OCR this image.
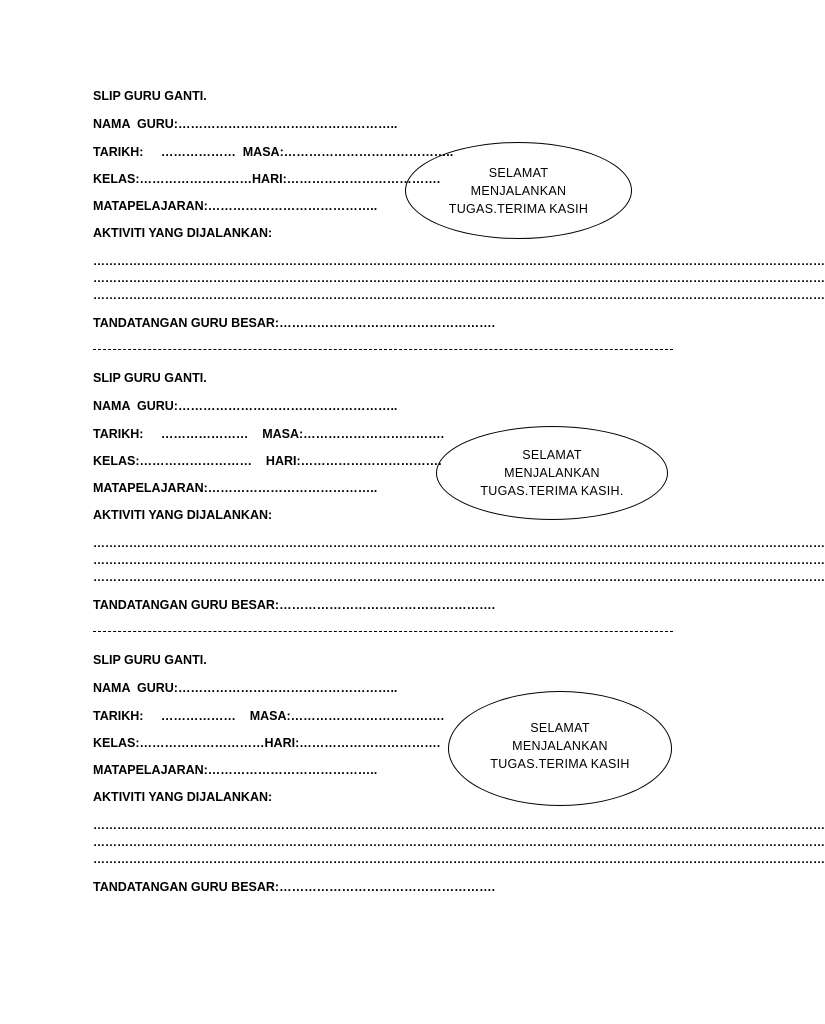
SLIP GURU GANTI.
NAMA  GURU:……………………………………………..
TARIKH:     ………………  MASA:…………………………………..
KELAS:………………………HARI:……………………………….
MATAPELAJARAN:…………………………………..
AKTIVITI YANG DIJALANKAN:
…………………………………………………………………………………………………………………………………………………………………
…………………………………………………………………………………………………………………………………………………………………
…………………………………………………………………………………………………………………………………………………………………
TANDATANGAN GURU BESAR:…………………………………………….
SELAMAT
MENJALANKAN
TUGAS.TERIMA KASIH
SLIP GURU GANTI.
NAMA  GURU:……………………………………………..
TARIKH:     …………………    MASA:…………………………….
KELAS:………………………    HARI:…………………………….
MATAPELAJARAN:…………………………………..
AKTIVITI YANG DIJALANKAN:
…………………………………………………………………………………………………………………………………………………………………
…………………………………………………………………………………………………………………………………………………………………
…………………………………………………………………………………………………………………………………………………………………
TANDATANGAN GURU BESAR:…………………………………………….
SELAMAT
MENJALANKAN
TUGAS.TERIMA KASIH.
SLIP GURU GANTI.
NAMA  GURU:……………………………………………..
TARIKH:     ………………    MASA:……………………………….
KELAS:…………………………HARI:…………………………….
MATAPELAJARAN:…………………………………..
AKTIVITI YANG DIJALANKAN:
…………………………………………………………………………………………………………………………………………………………………
…………………………………………………………………………………………………………………………………………………………………
…………………………………………………………………………………………………………………………………………………………………
TANDATANGAN GURU BESAR:…………………………………………….
SELAMAT
MENJALANKAN
TUGAS.TERIMA KASIH
